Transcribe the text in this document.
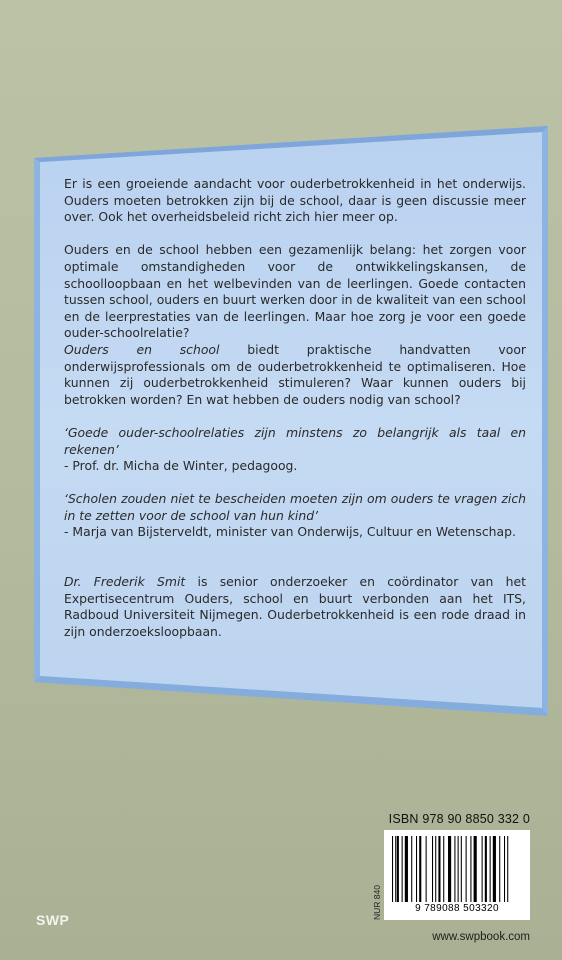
Er is een groeiende aandacht voor ouderbetrokkenheid in het onderwijs. Ouders moeten betrokken zijn bij de school, daar is geen discussie meer over. Ook het overheidsbeleid richt zich hier meer op.

Ouders en de school hebben een gezamenlijk belang: het zorgen voor optimale omstandigheden voor de ontwikkelingskansen, de schoolloopbaan en het welbevinden van de leerlingen. Goede contacten tussen school, ouders en buurt werken door in de kwaliteit van een school en de leerprestaties van de leerlingen. Maar hoe zorg je voor een goede ouder-schoolrelatie?

Ouders en school biedt praktische handvatten voor onderwijsprofessionals om de ouderbetrokkenheid te optimaliseren. Hoe kunnen zij ouderbetrokkenheid stimuleren? Waar kunnen ouders bij betrokken worden? En wat hebben de ouders nodig van school?

‘Goede ouder-schoolrelaties zijn minstens zo belangrijk als taal en rekenen’

- Prof. dr. Micha de Winter, pedagoog.

‘Scholen zouden niet te bescheiden moeten zijn om ouders te vragen zich in te zetten voor de school van hun kind’

- Marja van Bijsterveldt, minister van Onderwijs, Cultuur en Wetenschap.

Dr. Frederik Smit is senior onderzoeker en coördinator van het Expertisecentrum Ouders, school en buurt verbonden aan het ITS, Radboud Universiteit Nijmegen. Ouderbetrokkenheid is een rode draad in zijn onderzoeksloopbaan.

ISBN 978 90 8850 332 0
NUR 840	9 789088 503320
SWP
www.swpbook.com
